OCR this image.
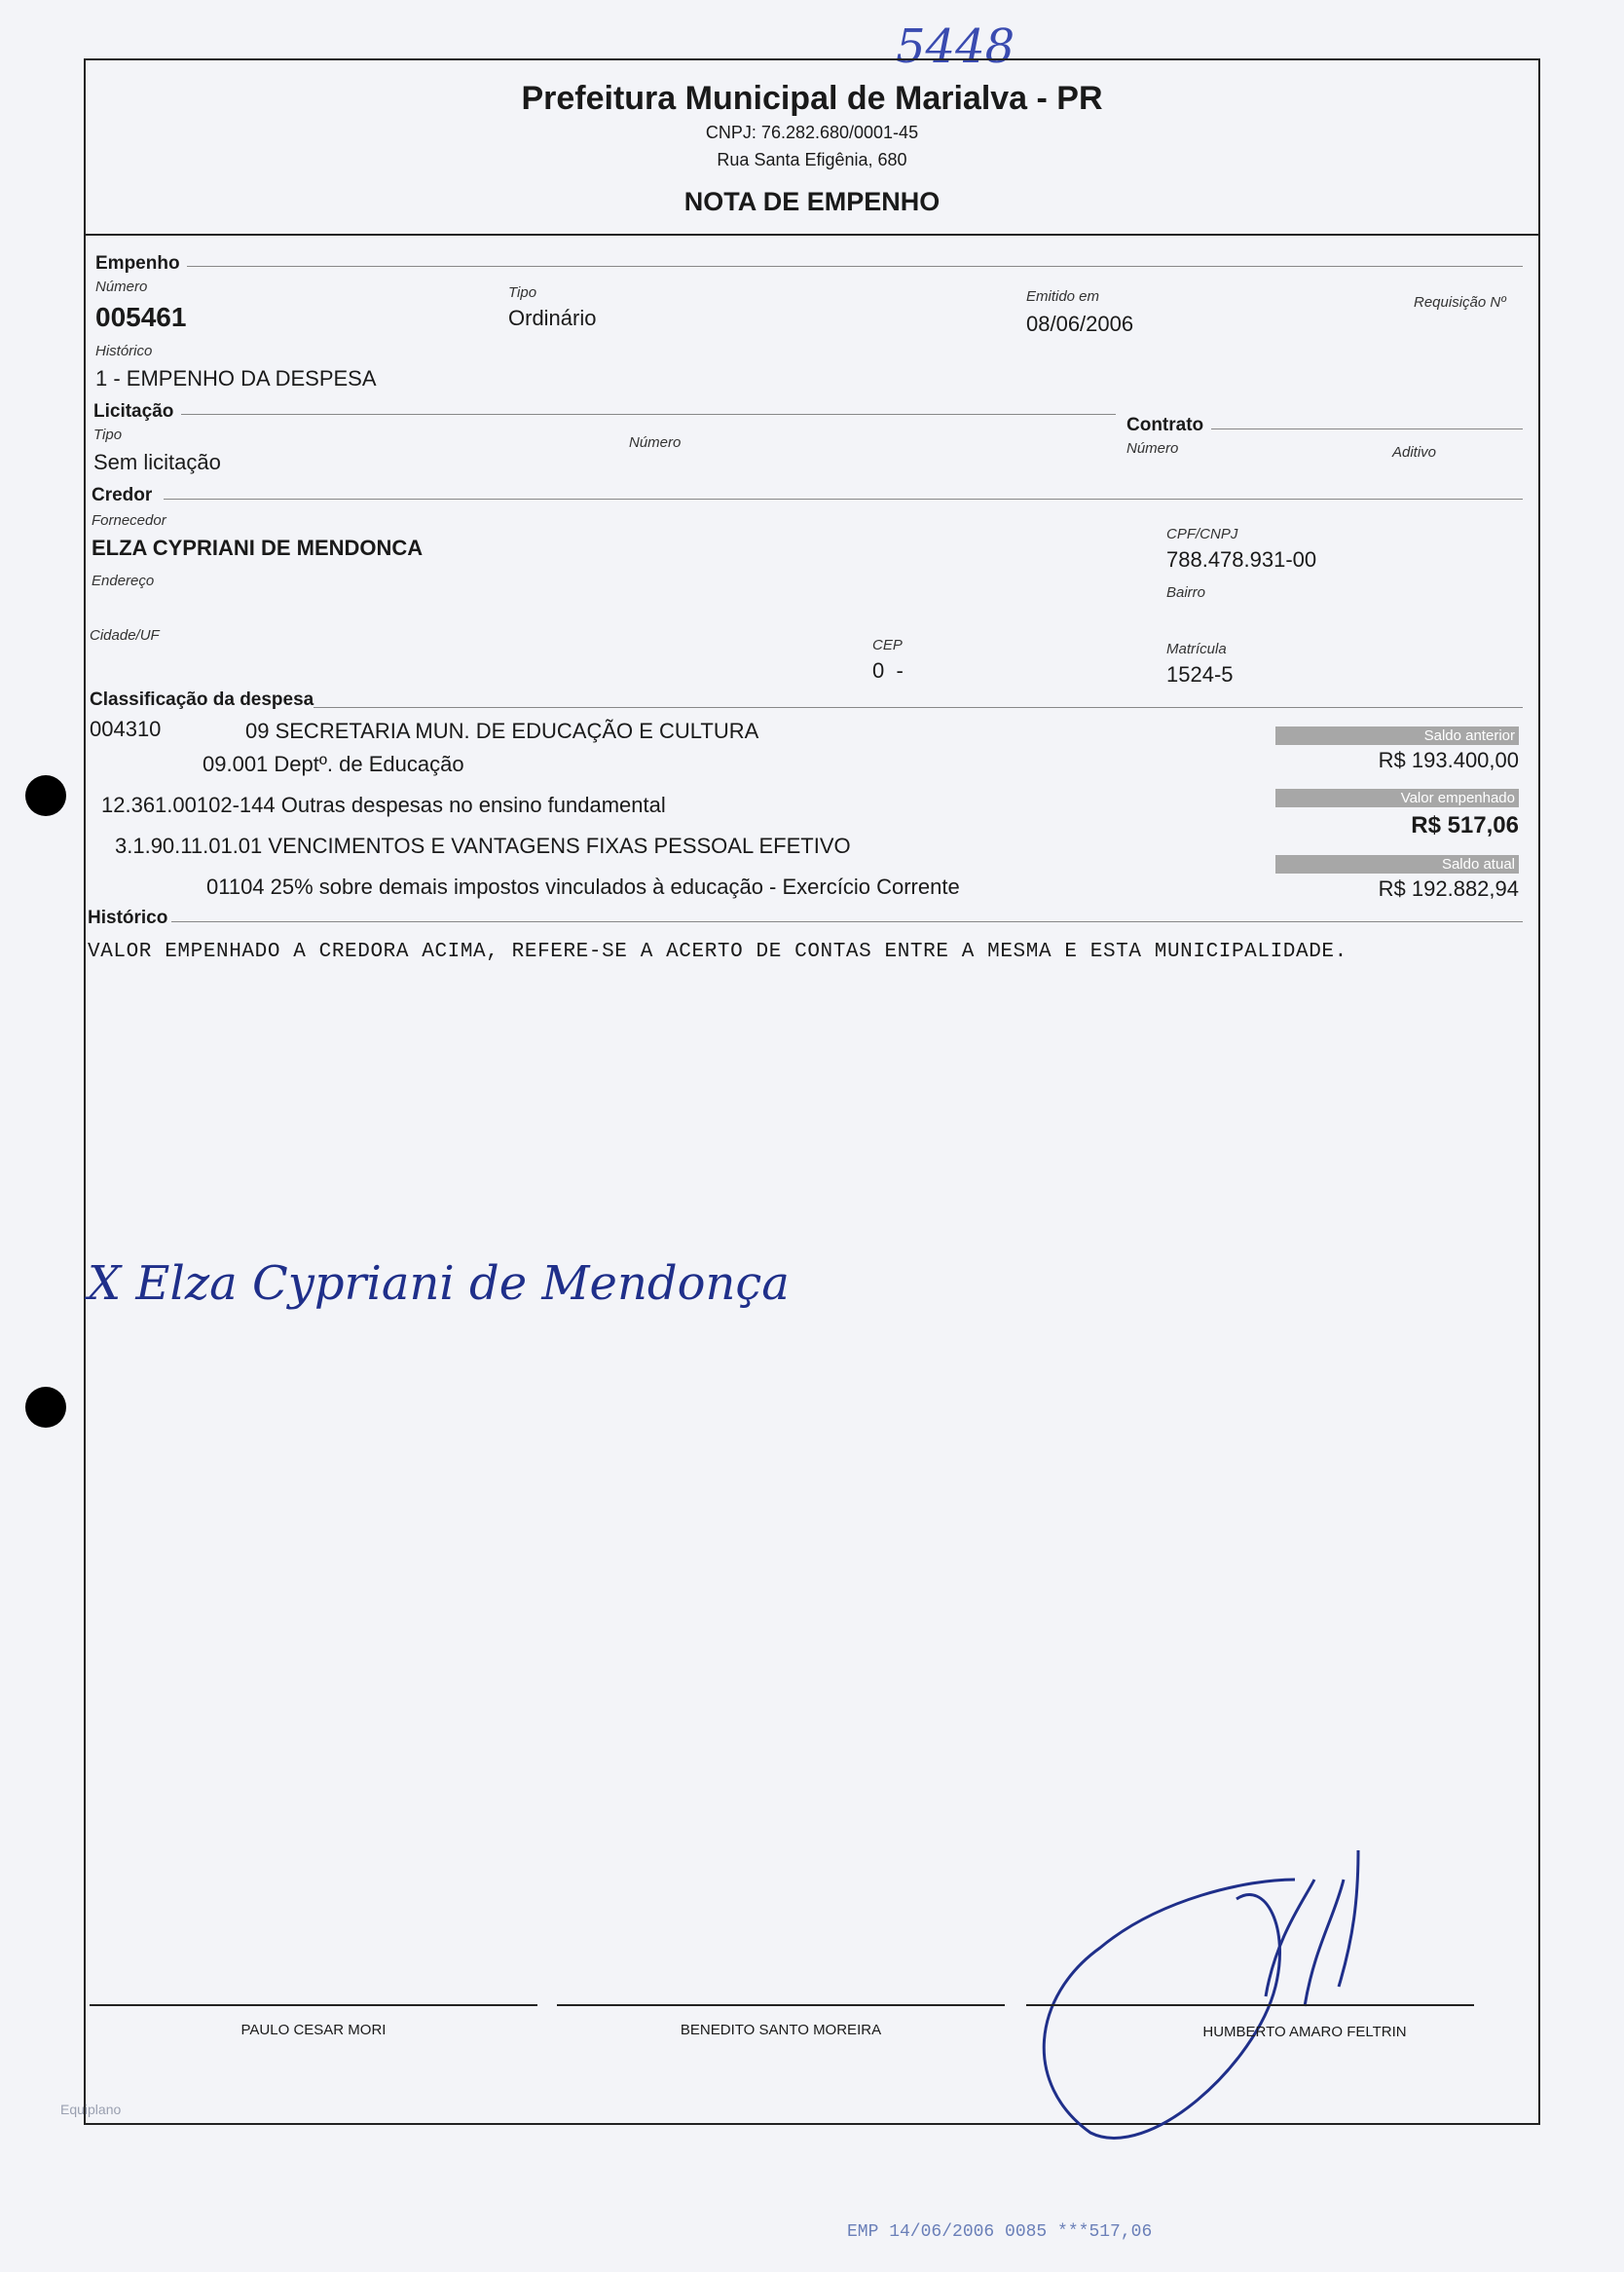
5448
Prefeitura Municipal de Marialva - PR
CNPJ: 76.282.680/0001-45
Rua Santa Efigênia, 680
NOTA DE EMPENHO
Empenho
Número
005461
Tipo
Ordinário
Emitido em
08/06/2006
Requisição Nº
Histórico
1 - EMPENHO DA DESPESA
Licitação
Tipo
Sem licitação
Número
Contrato
Número	Aditivo
Credor
Fornecedor
ELZA CYPRIANI DE MENDONCA
CPF/CNPJ
788.478.931-00
Endereço
Bairro
Cidade/UF
CEP
0  -
Matrícula
1524-5
Classificação da despesa
004310	09 SECRETARIA MUN. DE EDUCAÇÃO E CULTURA
09.001 Deptº. de Educação
12.361.00102-144 Outras despesas no ensino fundamental
3.1.90.11.01.01 VENCIMENTOS E VANTAGENS FIXAS PESSOAL EFETIVO
01104 25% sobre demais impostos vinculados à educação - Exercício Corrente
Saldo anterior
R$ 193.400,00
Valor empenhado
R$ 517,06
Saldo atual
R$ 192.882,94
Histórico
VALOR EMPENHADO A CREDORA ACIMA, REFERE-SE A ACERTO DE CONTAS ENTRE A MESMA E ESTA MUNICIPALIDADE.
X Elza Cypriani de Mendonça
PAULO CESAR MORI	BENEDITO SANTO MOREIRA	HUMBERTO AMARO FELTRIN
Equiplano
EMP 14/06/2006 0085 ***517,06
